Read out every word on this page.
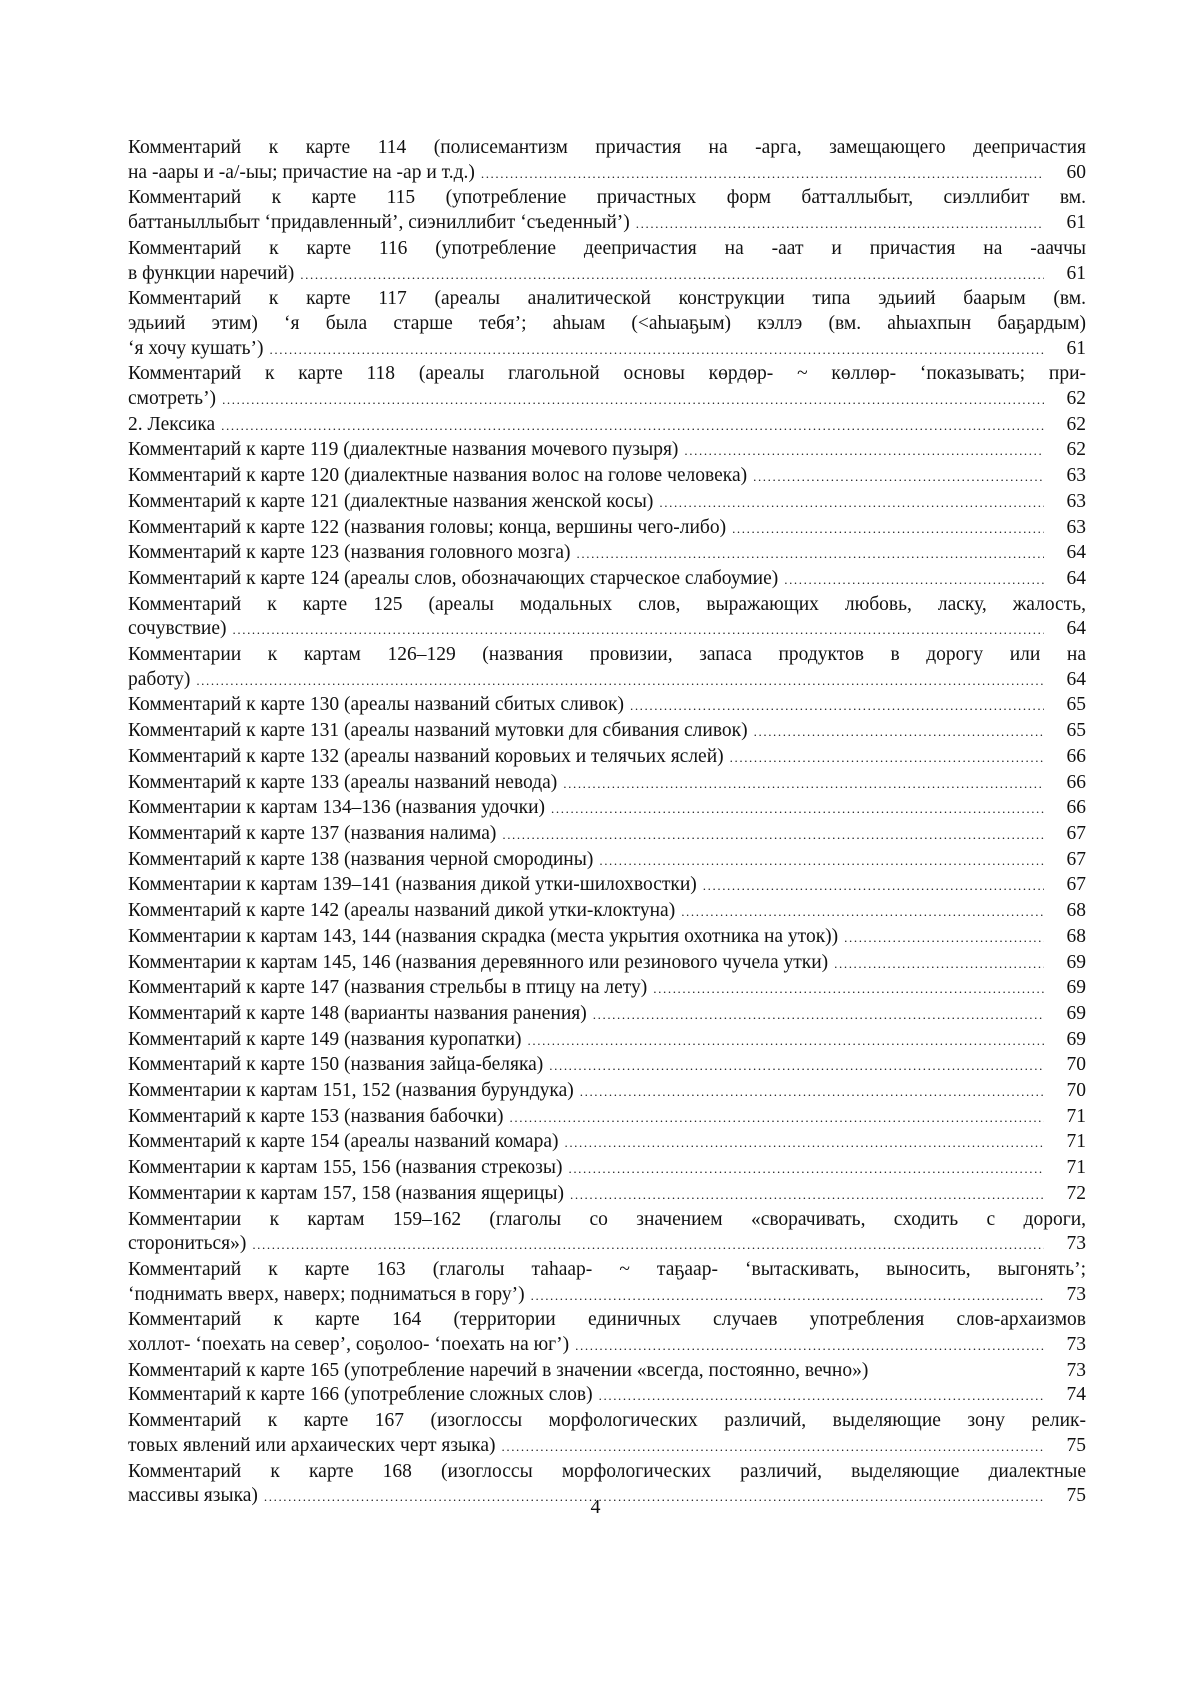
Комментарий к карте 114 (полисемантизм причастия на -арга, замещающего деепричастия
на -аары и -а/-ыы; причастие на -ар и т.д.) .....	60
Комментарий к карте 115 (употребление причастных форм батталлыбыт, сиэллибит вм.
баттаныллыбыт ‘придавленный’, сиэниллибит ‘съеденный’) .....	61
Комментарий к карте 116 (употребление деепричастия на -аат и причастия на -ааччы
в функции наречий) .....	61
Комментарий к карте 117 (ареалы аналитической конструкции типа эдьиий баарым (вм.
эдьиий этим) ‘я была старше тебя’; аһыам (<аһыаҕым) кэллэ (вм. аһыахпын баҕардым)
‘я хочу кушать’) .....	61
Комментарий к карте 118 (ареалы глагольной основы көрдөр- ~ көллөр- ‘показывать; при-
смотреть’) .....	62
2. Лексика .....	62
Комментарий к карте 119 (диалектные названия мочевого пузыря) .....	62
Комментарий к карте 120 (диалектные названия волос на голове человека) .....	63
Комментарий к карте 121 (диалектные названия женской косы) .....	63
Комментарий к карте 122 (названия головы; конца, вершины чего-либо) .....	63
Комментарий к карте 123 (названия головного мозга) .....	64
Комментарий к карте 124 (ареалы слов, обозначающих старческое слабоумие) .....	64
Комментарий к карте 125 (ареалы модальных слов, выражающих любовь, ласку, жалость,
сочувствие) .....	64
Комментарии к картам 126–129 (названия провизии, запаса продуктов в дорогу или на
работу) .....	64
Комментарий к карте 130 (ареалы названий сбитых сливок) .....	65
Комментарий к карте 131 (ареалы названий мутовки для сбивания сливок) .....	65
Комментарий к карте 132 (ареалы названий коровьих и телячьих яслей) .....	66
Комментарий к карте 133 (ареалы названий невода) .....	66
Комментарии к картам 134–136 (названия удочки) .....	66
Комментарий к карте 137 (названия налима) .....	67
Комментарий к карте 138 (названия черной смородины) .....	67
Комментарии к картам 139–141 (названия дикой утки-шилохвостки) .....	67
Комментарий к карте 142 (ареалы названий дикой утки-клоктуна) .....	68
Комментарии к картам 143, 144 (названия скрадка (места укрытия охотника на уток)) .....	68
Комментарии к картам 145, 146 (названия деревянного или резинового чучела утки) .....	69
Комментарий к карте 147 (названия стрельбы в птицу на лету) .....	69
Комментарий к карте 148 (варианты названия ранения) .....	69
Комментарий к карте 149 (названия куропатки) .....	69
Комментарий к карте 150 (названия зайца-беляка) .....	70
Комментарии к картам 151, 152 (названия бурундука) .....	70
Комментарий к карте 153 (названия бабочки) .....	71
Комментарий к карте 154 (ареалы названий комара) .....	71
Комментарии к картам 155, 156 (названия стрекозы) .....	71
Комментарии к картам 157, 158 (названия ящерицы) .....	72
Комментарии к картам 159–162 (глаголы со значением «сворачивать, сходить с дороги,
сторониться») .....	73
Комментарий к карте 163 (глаголы таһаар- ~ таҕаар- ‘вытаскивать, выносить, выгонять’;
‘поднимать вверх, наверх; подниматься в гору’) .....	73
Комментарий к карте 164 (территории единичных случаев употребления слов-архаизмов
холлот- ‘поехать на север’, соҕолоо- ‘поехать на юг’) .....	73
Комментарий к карте 165 (употребление наречий в значении «всегда, постоянно, вечно»)	73
Комментарий к карте 166 (употребление сложных слов) .....	74
Комментарий к карте 167 (изоглоссы морфологических различий, выделяющие зону релик-
товых явлений или архаических черт языка) .....	75
Комментарий к карте 168 (изоглоссы морфологических различий, выделяющие диалектные
массивы языка) .....	75
4
